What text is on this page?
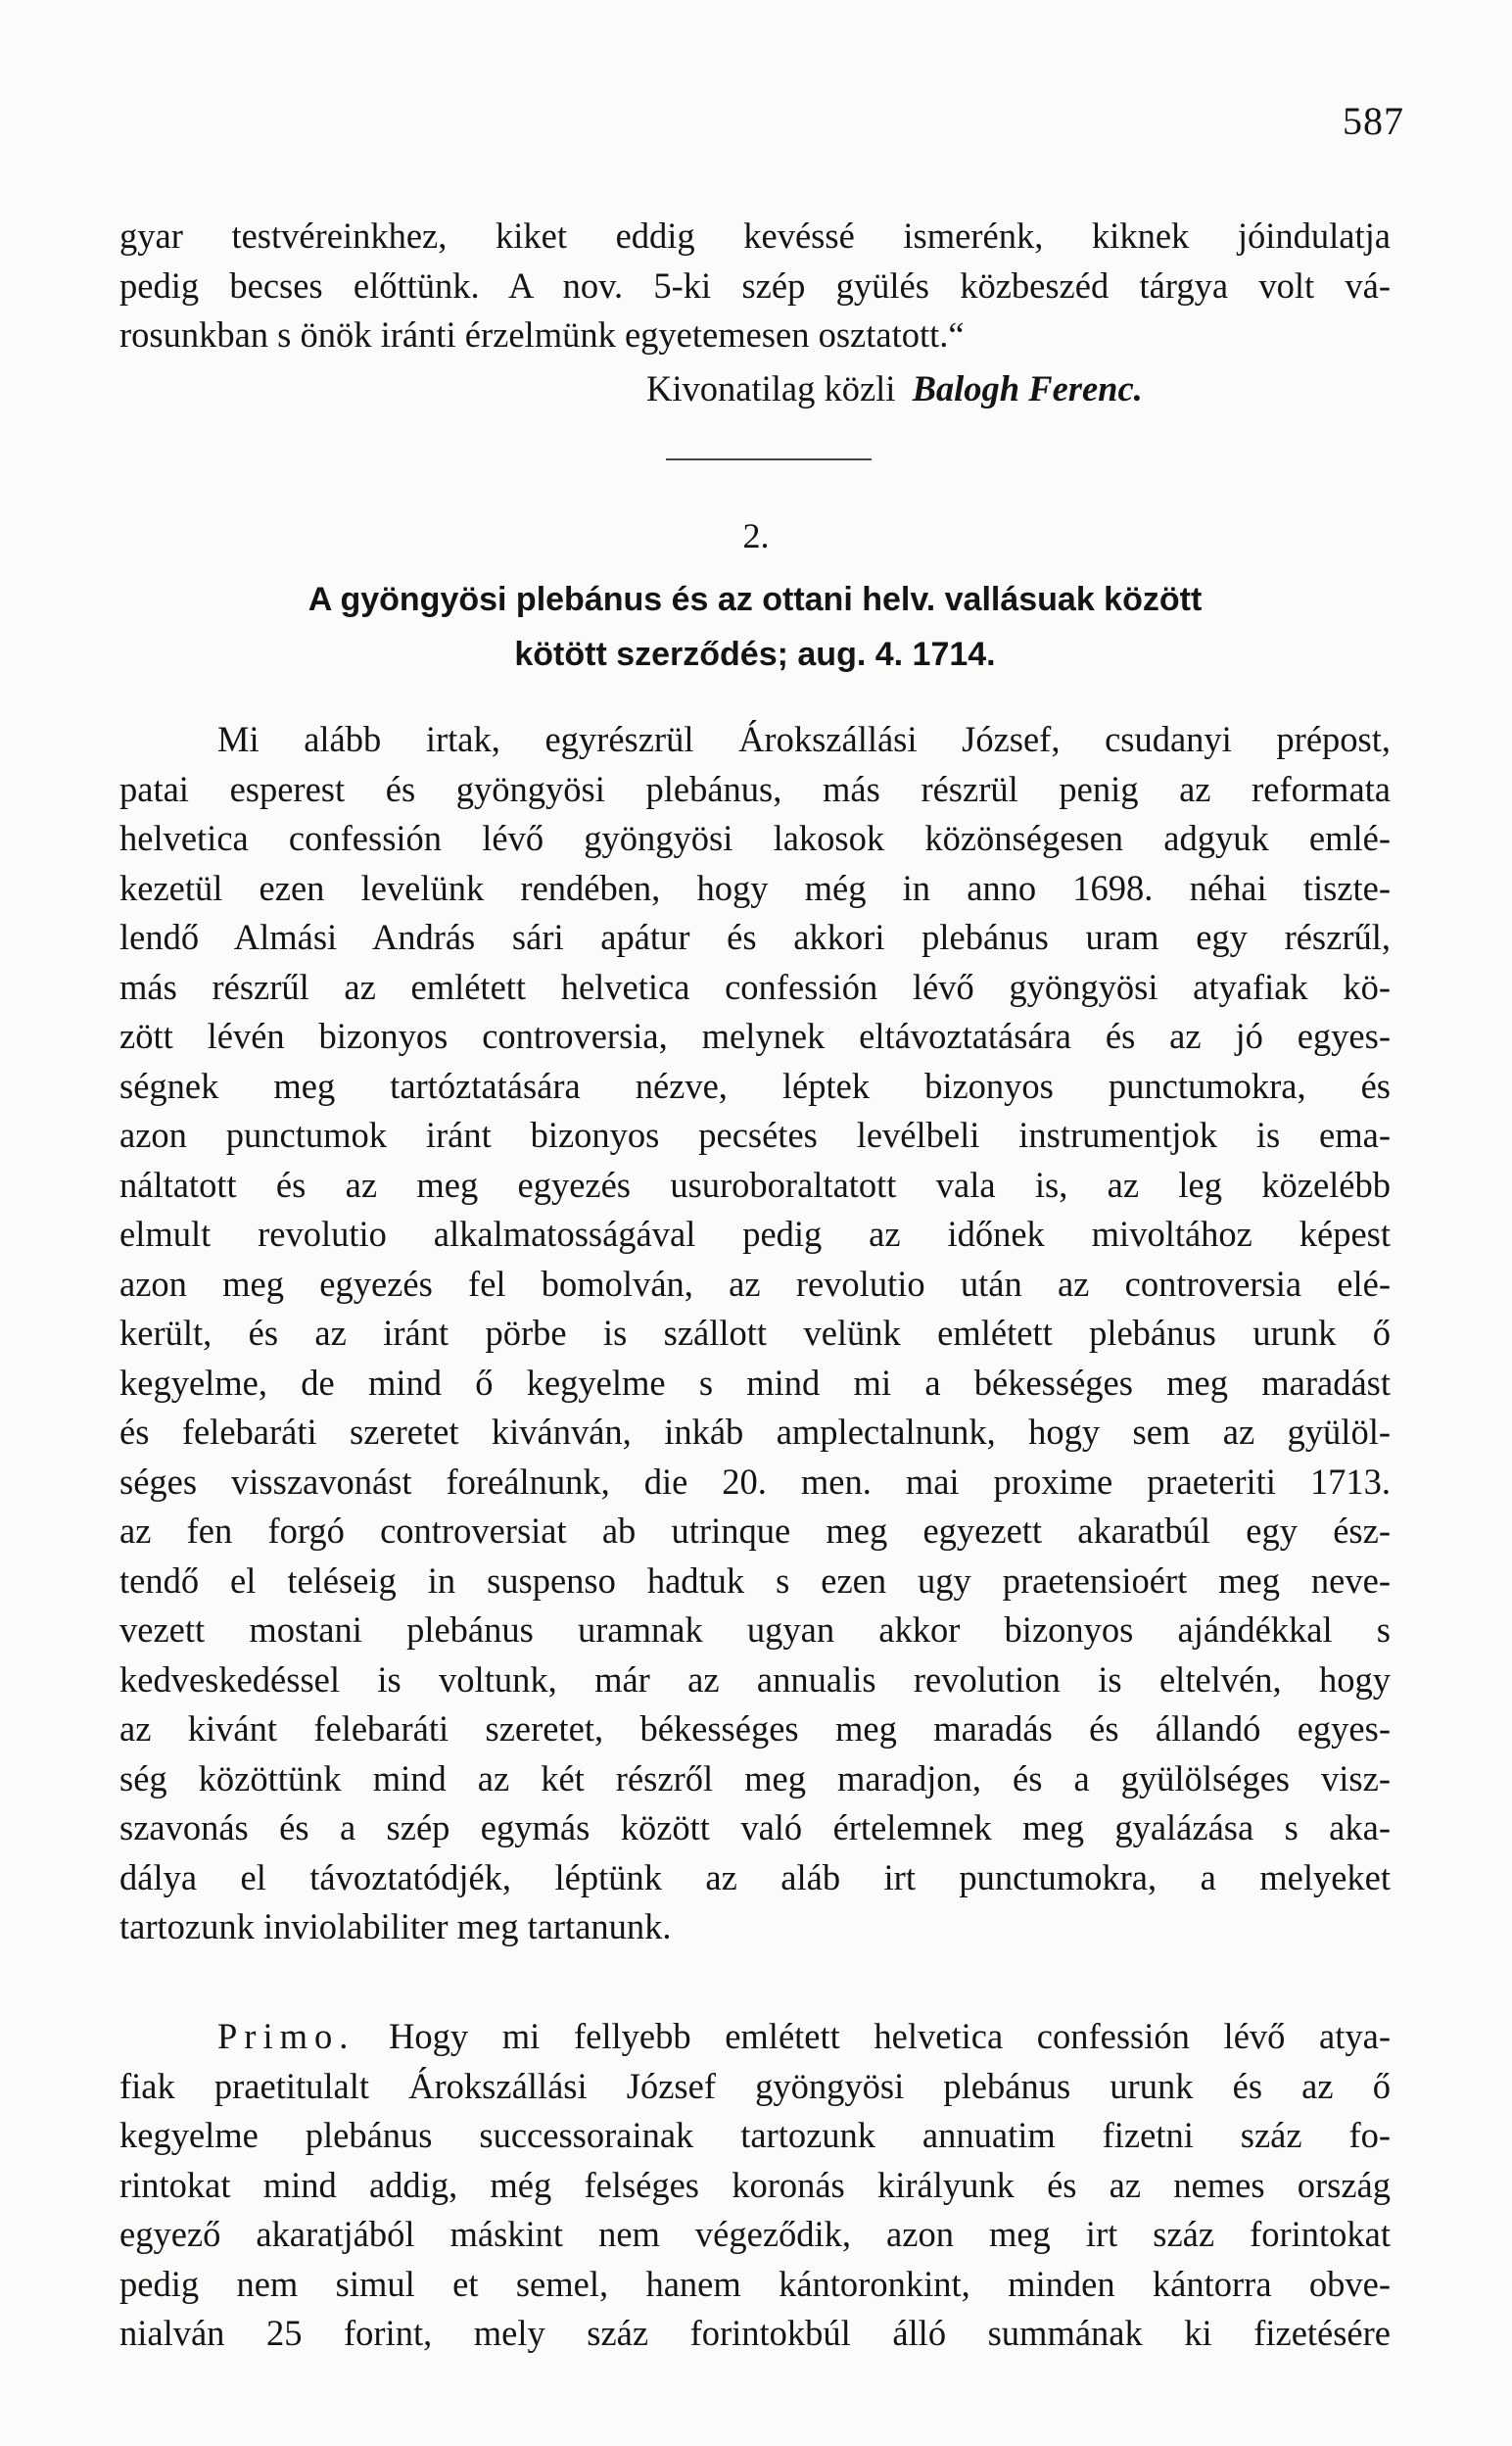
587
gyar testvéreinkhez, kiket eddig kevéssé ismerénk, kiknek jóindulatja
pedig becses előttünk. A nov. 5-ki szép gyülés közbeszéd tárgya volt vá-
rosunkban s önök iránti érzelmünk egyetemesen osztatott.“
Kivonatilag közli Balogh Ferenc.
2.
A gyöngyösi plebánus és az ottani helv. vallásuak között
kötött szerződés; aug. 4. 1714.
Mi alább irtak, egyrészrül Árokszállási József, csudanyi prépost,
patai esperest és gyöngyösi plebánus, más részrül penig az reformata
helvetica confessión lévő gyöngyösi lakosok közönségesen adgyuk emlé-
kezetül ezen levelünk rendében, hogy még in anno 1698. néhai tiszte-
lendő Almási András sári apátur és akkori plebánus uram egy részrűl,
más részrűl az emlétett helvetica confessión lévő gyöngyösi atyafiak kö-
zött lévén bizonyos controversia, melynek eltávoztatására és az jó egyes-
ségnek meg tartóztatására nézve, léptek bizonyos punctumokra, és
azon punctumok iránt bizonyos pecsétes levélbeli instrumentjok is ema-
náltatott és az meg egyezés usuroboraltatott vala is, az leg közelébb
elmult revolutio alkalmatosságával pedig az időnek mivoltához képest
azon meg egyezés fel bomolván, az revolutio után az controversia elé-
került, és az iránt pörbe is szállott velünk emlétett plebánus urunk ő
kegyelme, de mind ő kegyelme s mind mi a békességes meg maradást
és felebaráti szeretet kivánván, inkáb amplectalnunk, hogy sem az gyülöl-
séges visszavonást foreálnunk, die 20. men. mai proxime praeteriti 1713.
az fen forgó controversiat ab utrinque meg egyezett akaratbúl egy ész-
tendő el teléseig in suspenso hadtuk s ezen ugy praetensioért meg neve-
vezett mostani plebánus uramnak ugyan akkor bizonyos ajándékkal s
kedveskedéssel is voltunk, már az annualis revolution is eltelvén, hogy
az kivánt felebaráti szeretet, békességes meg maradás és állandó egyes-
ség közöttünk mind az két részről meg maradjon, és a gyülölséges visz-
szavonás és a szép egymás között való értelemnek meg gyalázása s aka-
dálya el távoztatódjék, léptünk az aláb irt punctumokra, a melyeket
tartozunk inviolabiliter meg tartanunk.
Primo. Hogy mi fellyebb emlétett helvetica confessión lévő atya-
fiak praetitulalt Árokszállási József gyöngyösi plebánus urunk és az ő
kegyelme plebánus successorainak tartozunk annuatim fizetni száz fo-
rintokat mind addig, még felséges koronás királyunk és az nemes ország
egyező akaratjából máskint nem végeződik, azon meg irt száz forintokat
pedig nem simul et semel, hanem kántoronkint, minden kántorra obve-
nialván 25 forint, mely száz forintokbúl álló summának ki fizetésére
